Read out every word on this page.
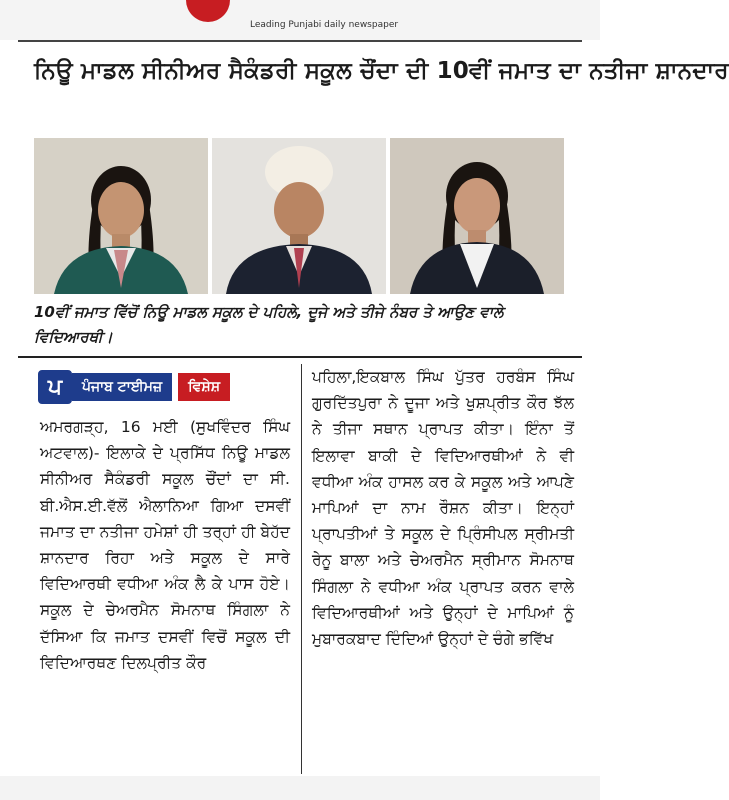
Leading Punjabi daily newspaper
ਨਿਊ ਮਾਡਲ ਸੀਨੀਅਰ ਸੈਕੰਡਰੀ ਸਕੂਲ ਚੌਂਦਾ ਦੀ 10ਵੀਂ ਜਮਾਤ ਦਾ ਨਤੀਜਾ ਸ਼ਾਨਦਾਰ
10ਵੀਂ ਜਮਾਤ ਵਿੱਚੋਂ ਨਿਊ ਮਾਡਲ ਸਕੂਲ ਦੇ ਪਹਿਲੇ, ਦੂਜੇ ਅਤੇ ਤੀਜੇ ਨੰਬਰ ਤੇ ਆਉਣ ਵਾਲੇ ਵਿਦਿਆਰਥੀ।
ਪ	ਪੰਜਾਬ ਟਾਈਮਜ਼	ਵਿਸ਼ੇਸ਼
ਅਮਰਗੜ੍ਹ, 16 ਮਈ (ਸੁਖਵਿੰਦਰ ਸਿੰਘ ਅਟਵਾਲ)- ਇਲਾਕੇ ਦੇ ਪ੍ਰਸਿੱਧ ਨਿਊ ਮਾਡਲ ਸੀਨੀਅਰ ਸੈਕੰਡਰੀ ਸਕੂਲ ਚੌਂਦਾਂ ਦਾ ਸੀ. ਬੀ.ਐਸ.ਈ.ਵੱਲੋਂ ਐਲਾਨਿਆ ਗਿਆ ਦਸਵੀਂ ਜਮਾਤ ਦਾ ਨਤੀਜਾ ਹਮੇਸ਼ਾਂ ਹੀ ਤਰ੍ਹਾਂ ਹੀ ਬੇਹੱਦ ਸ਼ਾਨਦਾਰ ਰਿਹਾ ਅਤੇ ਸਕੂਲ ਦੇ ਸਾਰੇ ਵਿਦਿਆਰਥੀ ਵਧੀਆ ਅੰਕ ਲੈ ਕੇ ਪਾਸ ਹੋਏ। ਸਕੂਲ ਦੇ ਚੇਅਰਮੈਨ ਸੋਮਨਾਥ ਸਿੰਗਲਾ ਨੇ ਦੱਸਿਆ ਕਿ ਜਮਾਤ ਦਸਵੀਂ ਵਿਚੋਂ ਸਕੂਲ ਦੀ ਵਿਦਿਆਰਥਣ ਦਿਲਪ੍ਰੀਤ ਕੌਰ
ਪਹਿਲਾ,ਇਕਬਾਲ ਸਿੰਘ ਪੁੱਤਰ ਹਰਬੰਸ ਸਿੰਘ ਗੁਰਦਿੱਤਪੁਰਾ ਨੇ ਦੂਜਾ ਅਤੇ ਖੁਸ਼ਪ੍ਰੀਤ ਕੌਰ ਝੱਲ ਨੇ ਤੀਜਾ ਸਥਾਨ ਪ੍ਰਾਪਤ ਕੀਤਾ। ਇੰਨਾ ਤੋਂ ਇਲਾਵਾ ਬਾਕੀ ਦੇ ਵਿਦਿਆਰਥੀਆਂ ਨੇ ਵੀ ਵਧੀਆ ਅੰਕ ਹਾਸਲ ਕਰ ਕੇ ਸਕੂਲ ਅਤੇ ਆਪਣੇ ਮਾਪਿਆਂ ਦਾ ਨਾਮ ਰੌਸ਼ਨ ਕੀਤਾ। ਇਨ੍ਹਾਂ ਪ੍ਰਾਪਤੀਆਂ ਤੇ ਸਕੂਲ ਦੇ ਪ੍ਰਿੰਸੀਪਲ ਸ੍ਰੀਮਤੀ ਰੇਨੂ ਬਾਲਾ ਅਤੇ ਚੇਅਰਮੈਨ ਸ੍ਰੀਮਾਨ ਸੋਮਨਾਥ ਸਿੰਗਲਾ ਨੇ ਵਧੀਆ ਅੰਕ ਪ੍ਰਾਪਤ ਕਰਨ ਵਾਲੇ ਵਿਦਿਆਰਥੀਆਂ ਅਤੇ ਉਨ੍ਹਾਂ ਦੇ ਮਾਪਿਆਂ ਨੂੰ ਮੁਬਾਰਕਬਾਦ ਦਿੰਦਿਆਂ ਉਨ੍ਹਾਂ ਦੇ ਚੰਗੇ ਭਵਿੱਖ
